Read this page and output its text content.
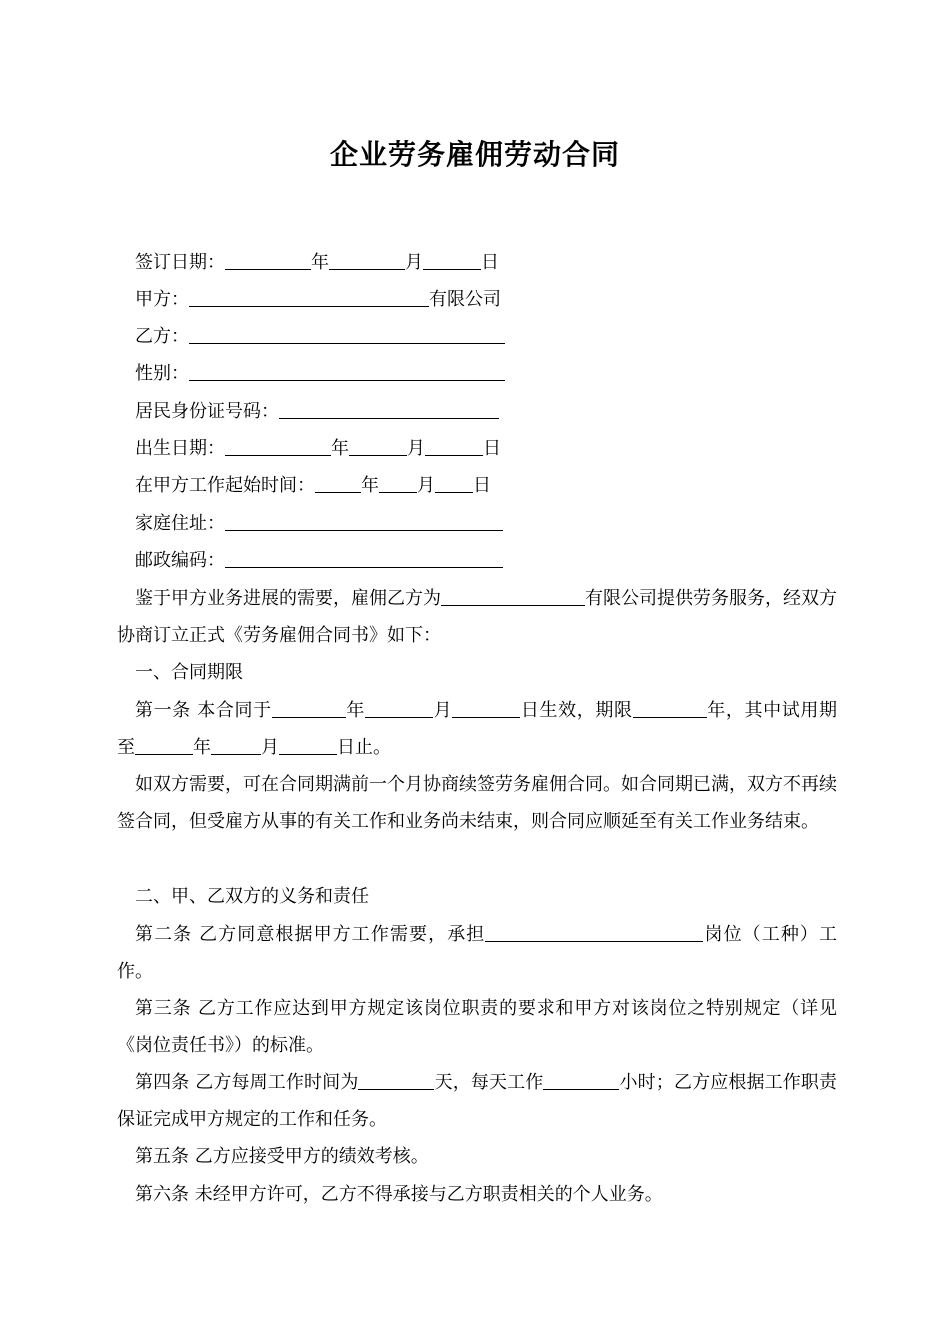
企业劳务雇佣劳动合同
签订日期：	年	月	日
甲方：	有限公司
乙方：
性别：
居民身份证号码：
出生日期：	年	月	日
在甲方工作起始时间：	年 月 日
家庭住址：
邮政编码：
鉴于甲方业务进展的需要，雇佣乙方为	有限公司提供劳务服务，经双方协商订立正式《劳务雇佣合同书》如下：
一、合同期限
第一条 本合同于	年	月	日生效，期限	年，其中试用期至	年	月	日止。
如双方需要，可在合同期满前一个月协商续签劳务雇佣合同。如合同期已满，双方不再续签合同，但受雇方从事的有关工作和业务尚未结束，则合同应顺延至有关工作业务结束。
二、甲、乙双方的义务和责任
第二条 乙方同意根据甲方工作需要，承担	岗位（工种）工作。
第三条 乙方工作应达到甲方规定该岗位职责的要求和甲方对该岗位之特别规定（详见《岗位责任书》）的标准。
第四条 乙方每周工作时间为	天，每天工作	小时；乙方应根据工作职责保证完成甲方规定的工作和任务。
第五条 乙方应接受甲方的绩效考核。
第六条 未经甲方许可，乙方不得承接与乙方职责相关的个人业务。
